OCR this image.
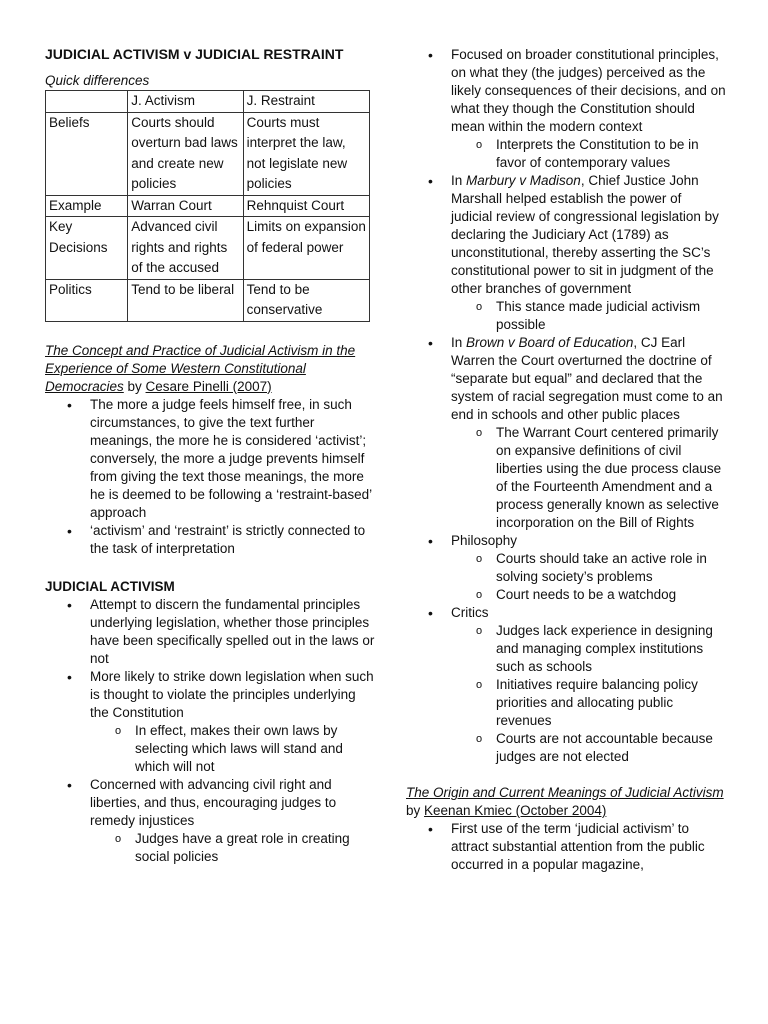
JUDICIAL ACTIVISM v JUDICIAL RESTRAINT
Quick differences
	J. Activism	J. Restraint
Beliefs	Courts should overturn bad laws and create new policies	Courts must interpret the law, not legislate new policies
Example	Warran Court	Rehnquist Court
Key Decisions	Advanced civil rights and rights of the accused	Limits on expansion of federal power
Politics	Tend to be liberal	Tend to be conservative
The Concept and Practice of Judicial Activism in the Experience of Some Western Constitutional Democracies by Cesare Pinelli (2007)
• The more a judge feels himself free, in such circumstances, to give the text further meanings, the more he is considered ‘activist’; conversely, the more a judge prevents himself from giving the text those meanings, the more he is deemed to be following a ‘restraint-based’ approach
• ‘activism’ and ‘restraint’ is strictly connected to the task of interpretation
JUDICIAL ACTIVISM
• Attempt to discern the fundamental principles underlying legislation, whether those principles have been specifically spelled out in the laws or not
• More likely to strike down legislation when such is thought to violate the principles underlying the Constitution
o In effect, makes their own laws by selecting which laws will stand and which will not
• Concerned with advancing civil right and liberties, and thus, encouraging judges to remedy injustices
o Judges have a great role in creating social policies
• Focused on broader constitutional principles, on what they (the judges) perceived as the likely consequences of their decisions, and on what they though the Constitution should mean within the modern context
o Interprets the Constitution to be in favor of contemporary values
• In Marbury v Madison, Chief Justice John Marshall helped establish the power of judicial review of congressional legislation by declaring the Judiciary Act (1789) as unconstitutional, thereby asserting the SC’s constitutional power to sit in judgment of the other branches of government
o This stance made judicial activism possible
• In Brown v Board of Education, CJ Earl Warren the Court overturned the doctrine of “separate but equal” and declared that the system of racial segregation must come to an end in schools and other public places
o The Warrant Court centered primarily on expansive definitions of civil liberties using the due process clause of the Fourteenth Amendment and a process generally known as selective incorporation on the Bill of Rights
• Philosophy
o Courts should take an active role in solving society’s problems
o Court needs to be a watchdog
• Critics
o Judges lack experience in designing and managing complex institutions such as schools
o Initiatives require balancing policy priorities and allocating public revenues
o Courts are not accountable because judges are not elected
The Origin and Current Meanings of Judicial Activism by Keenan Kmiec (October 2004)
• First use of the term ‘judicial activism’ to attract substantial attention from the public occurred in a popular magazine,
